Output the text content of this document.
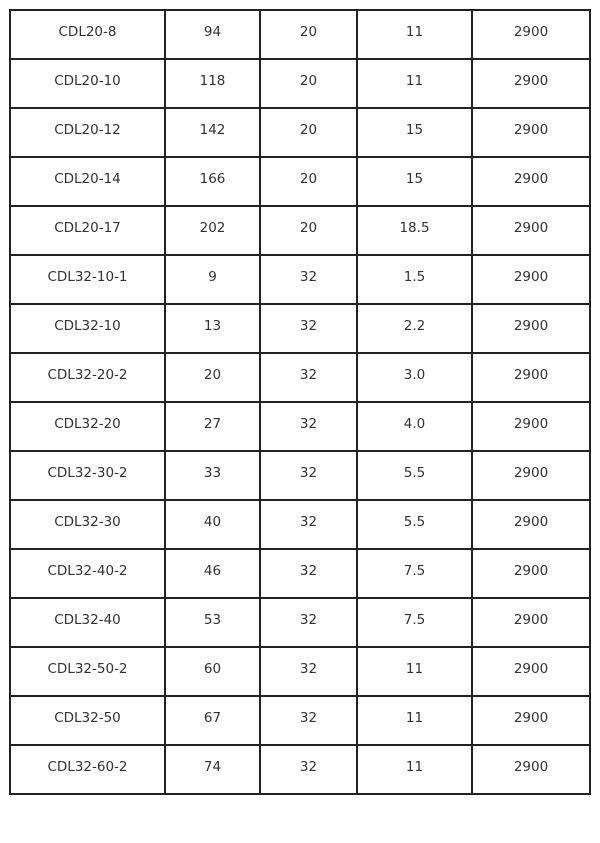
CDL20-8	94	20	11	2900

CDL20-10	118	20	11	2900

CDL20-12	142	20	15	2900

CDL20-14	166	20	15	2900

CDL20-17	202	20	18.5	2900

CDL32-10-1	9	32	1.5	2900

CDL32-10	13	32	2.2	2900

CDL32-20-2	20	32	3.0	2900

CDL32-20	27	32	4.0	2900

CDL32-30-2	33	32	5.5	2900

CDL32-30	40	32	5.5	2900

CDL32-40-2	46	32	7.5	2900

CDL32-40	53	32	7.5	2900

CDL32-50-2	60	32	11	2900

CDL32-50	67	32	11	2900

CDL32-60-2	74	32	11	2900
